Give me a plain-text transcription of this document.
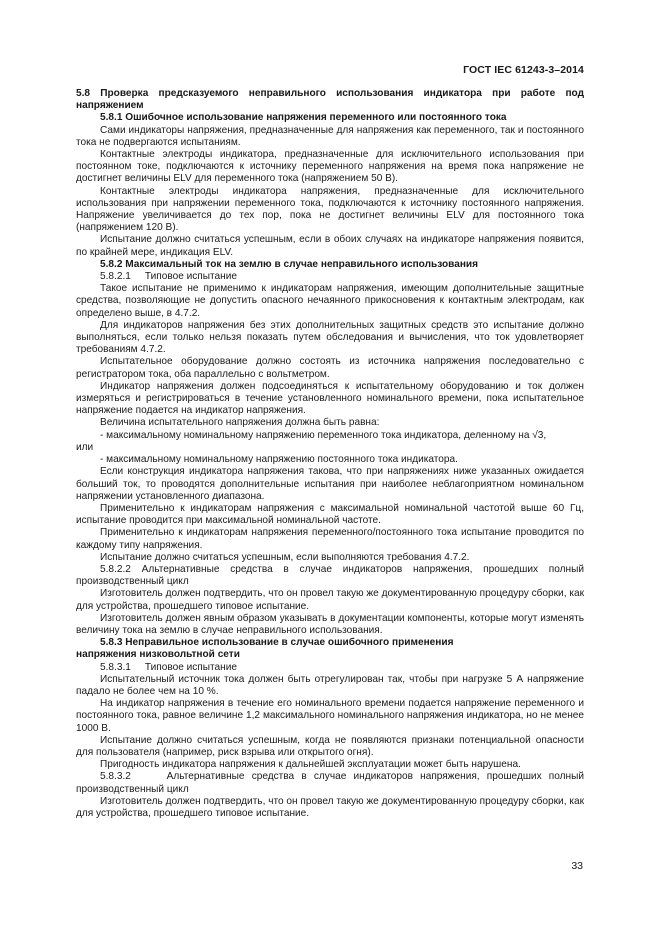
ГОСТ IEC 61243-3–2014

5.8 Проверка предсказуемого неправильного использования индикатора при работе под напряжением

5.8.1 Ошибочное использование напряжения переменного или постоянного тока

Сами индикаторы напряжения, предназначенные для напряжения как переменного, так и постоянного тока не подвергаются испытаниям.

Контактные электроды индикатора, предназначенные для исключительного использования при постоянном токе, подключаются к источнику переменного напряжения на время пока напряжение не достигнет величины ELV для переменного тока (напряжением 50 В).

Контактные электроды индикатора напряжения, предназначенные для исключительного использования при напряжении переменного тока, подключаются к источнику постоянного напряжения. Напряжение увеличивается до тех пор, пока не достигнет величины ELV для постоянного тока (напряжением 120 В).

Испытание должно считаться успешным, если в обоих случаях на индикаторе напряжения появится, по крайней мере, индикация ELV.

5.8.2 Максимальный ток на землю в случае неправильного использования

5.8.2.1     Типовое испытание

Такое испытание не применимо к индикаторам напряжения, имеющим дополнительные защитные средства, позволяющие не допустить опасного нечаянного прикосновения к контактным электродам, как определено выше, в 4.7.2.

Для индикаторов напряжения без этих дополнительных защитных средств это испытание должно выполняться, если только нельзя показать путем обследования и вычисления, что ток удовлетворяет требованиям 4.7.2.

Испытательное оборудование должно состоять из источника напряжения последовательно с регистратором тока, оба параллельно с вольтметром.

Индикатор напряжения должен подсоединяться к испытательному оборудованию и ток должен измеряться и регистрироваться в течение установленного номинального времени, пока испытательное напряжение подается на индикатор напряжения.

Величина испытательного напряжения должна быть равна:

- максимальному номинальному напряжению переменного тока индикатора, деленному на √3,

или

- максимальному номинальному напряжению постоянного тока индикатора.

Если конструкция индикатора напряжения такова, что при напряжениях ниже указанных ожидается больший ток, то проводятся дополнительные испытания при наиболее неблагоприятном номинальном напряжении установленного диапазона.

Применительно к индикаторам напряжения с максимальной номинальной частотой выше 60 Гц, испытание проводится при максимальной номинальной частоте.

Применительно к индикаторам напряжения переменного/постоянного тока испытание проводится по каждому типу напряжения.

Испытание должно считаться успешным, если выполняются требования 4.7.2.

5.8.2.2 Альтернативные средства в случае индикаторов напряжения, прошедших полный производственный цикл

Изготовитель должен подтвердить, что он провел такую же документированную процедуру сборки, как для устройства, прошедшего типовое испытание.

Изготовитель должен явным образом указывать в документации компоненты, которые могут изменять величину тока на землю в случае неправильного использования.

5.8.3 Неправильное использование в случае ошибочного применения

напряжения низковольтной сети

5.8.3.1     Типовое испытание

Испытательный источник тока должен быть отрегулирован так, чтобы при нагрузке 5 А напряжение падало не более чем на 10 %.

На индикатор напряжения в течение его номинального времени подается напряжение переменного и постоянного тока, равное величине 1,2 максимального номинального напряжения индикатора, но не менее 1000 В.

Испытание должно считаться успешным, когда не появляются признаки потенциальной опасности для пользователя (например, риск взрыва или открытого огня).

Пригодность индикатора напряжения к дальнейшей эксплуатации может быть нарушена.

5.8.3.2     Альтернативные средства в случае индикаторов напряжения, прошедших полный производственный цикл

Изготовитель должен подтвердить, что он провел такую же документированную процедуру сборки, как для устройства, прошедшего типовое испытание.

33
